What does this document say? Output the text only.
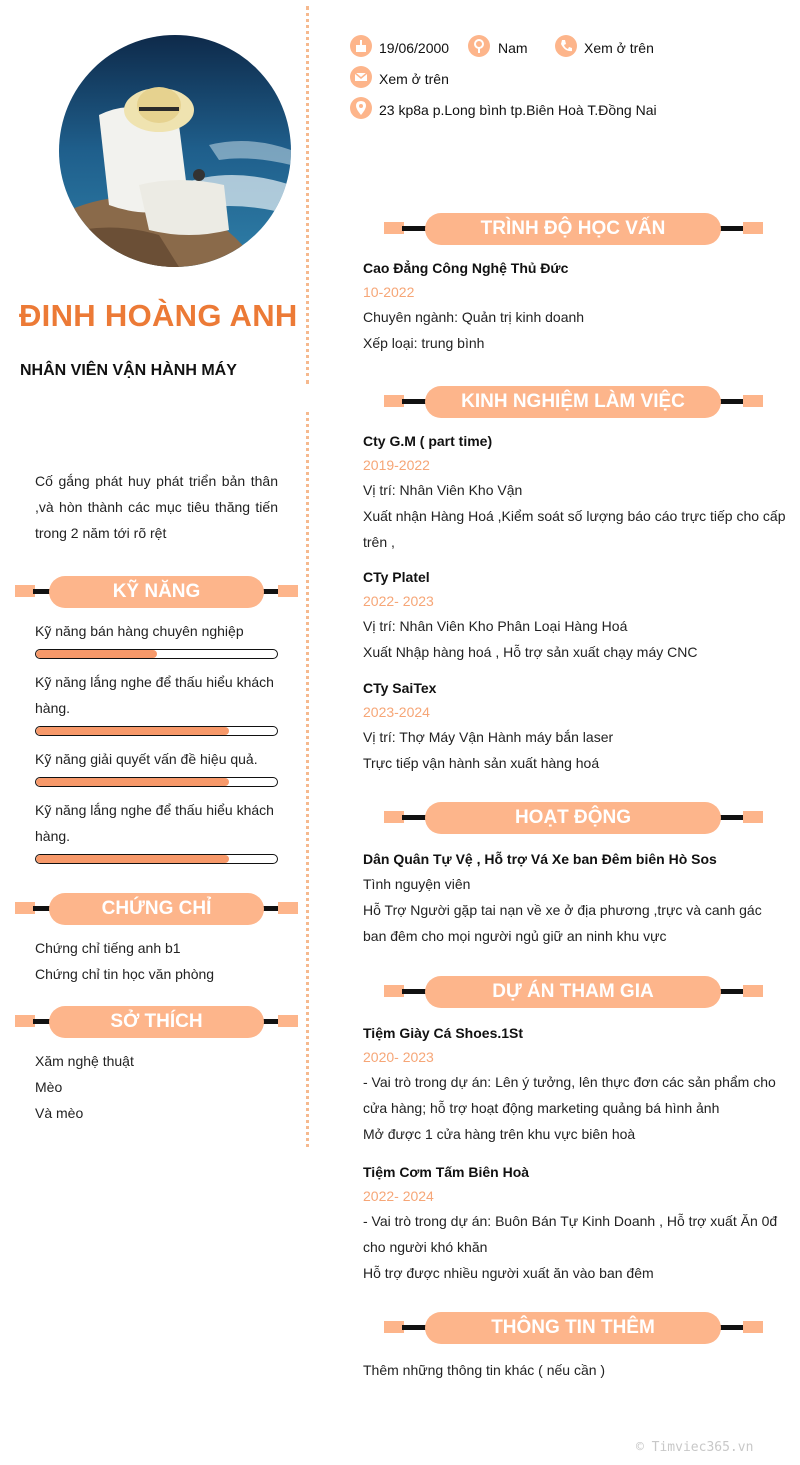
ĐINH HOÀNG ANH
NHÂN VIÊN VẬN HÀNH MÁY
Cố gắng phát huy phát triển bản thân ,và hòn thành các mục tiêu thăng tiến trong 2 năm tới rõ rệt
KỸ NĂNG
Kỹ năng bán hàng chuyên nghiệp
Kỹ năng lắng nghe để thấu hiểu khách hàng.
Kỹ năng giải quyết vấn đề hiệu quả.
Kỹ năng lắng nghe để thấu hiểu khách hàng.
CHỨNG CHỈ
Chứng chỉ tiếng anh b1
Chứng chỉ tin học văn phòng
SỞ THÍCH
Xăm nghệ thuật
Mèo
Và mèo
19/06/2000	Nam	Xem ở trên
Xem ở trên
23 kp8a p.Long bình tp.Biên Hoà T.Đồng Nai
TRÌNH ĐỘ HỌC VẤN
Cao Đẳng Công Nghệ Thủ Đức
10-2022
Chuyên ngành: Quản trị kinh doanh
Xếp loại: trung bình
KINH NGHIỆM LÀM VIỆC
Cty G.M ( part time)
2019-2022
Vị trí: Nhân Viên Kho Vận
Xuất nhận Hàng Hoá ,Kiểm soát số lượng báo cáo trực tiếp cho cấp trên ,
CTy Platel
2022- 2023
Vị trí: Nhân Viên Kho Phân Loại Hàng Hoá
Xuất Nhập hàng hoá , Hỗ trợ sản xuất chạy máy CNC
CTy SaiTex
2023-2024
Vị trí: Thợ Máy Vận Hành máy bắn laser
Trực tiếp vận hành sản xuất hàng hoá
HOẠT ĐỘNG
Dân Quân Tự Vệ , Hỗ trợ Vá Xe ban Đêm biên Hò Sos
Tình nguyện viên
Hỗ Trợ Người gặp tai nạn về xe ở địa phương ,trực và canh gác ban đêm cho mọi người ngủ giữ an ninh khu vực
DỰ ÁN THAM GIA
Tiệm Giày Cá Shoes.1St
2020- 2023
- Vai trò trong dự án: Lên ý tưởng, lên thực đơn các sản phẩm cho cửa hàng; hỗ trợ hoạt động marketing quảng bá hình ảnh
Mở được 1 cửa hàng trên khu vực biên hoà
Tiệm Cơm Tấm Biên Hoà
2022- 2024
- Vai trò trong dự án: Buôn Bán Tự Kinh Doanh , Hỗ trợ xuất Ăn 0đ cho người khó khăn
Hỗ trợ được nhiều người xuất ăn vào ban đêm
THÔNG TIN THÊM
Thêm những thông tin khác ( nếu cần )
© Timviec365.vn
